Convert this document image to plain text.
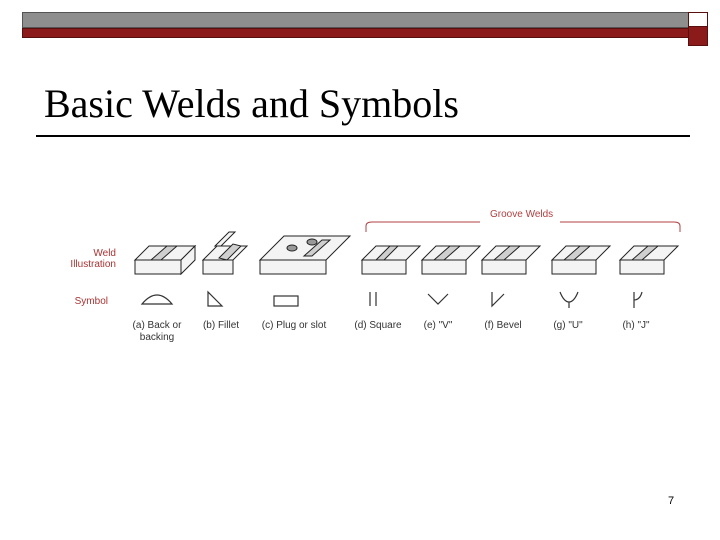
Basic Welds and Symbols
Weld
Illustration
Symbol
Groove Welds
(a) Back or
backing
(b) Fillet	(c) Plug or slot	(d) Square	(e) "V"	(f) Bevel	(g) "U"	(h) "J"
7
